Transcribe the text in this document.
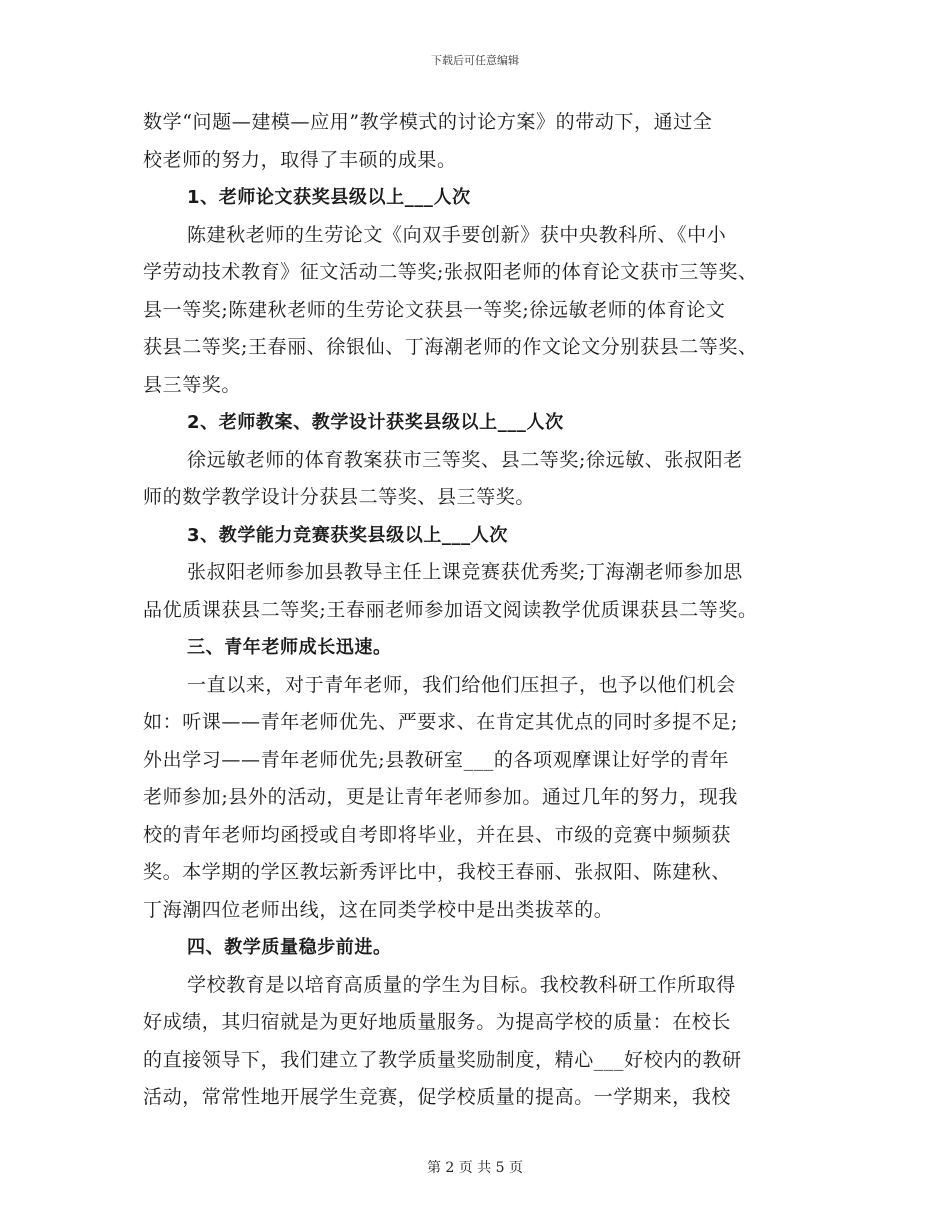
下载后可任意编辑
数学“问题—建模—应用”教学模式的讨论方案》的带动下，通过全
校老师的努力，取得了丰硕的成果。
1、老师论文获奖县级以上___人次
陈建秋老师的生劳论文《向双手要创新》获中央教科所、《中小
学劳动技术教育》征文活动二等奖;张叔阳老师的体育论文获市三等奖、
县一等奖;陈建秋老师的生劳论文获县一等奖;徐远敏老师的体育论文
获县二等奖;王春丽、徐银仙、丁海潮老师的作文论文分别获县二等奖、
县三等奖。
2、老师教案、教学设计获奖县级以上___人次
徐远敏老师的体育教案获市三等奖、县二等奖;徐远敏、张叔阳老
师的数学教学设计分获县二等奖、县三等奖。
3、教学能力竞赛获奖县级以上___人次
张叔阳老师参加县教导主任上课竞赛获优秀奖;丁海潮老师参加思
品优质课获县二等奖;王春丽老师参加语文阅读教学优质课获县二等奖。
三、青年老师成长迅速。
一直以来，对于青年老师，我们给他们压担子，也予以他们机会
如：听课——青年老师优先、严要求、在肯定其优点的同时多提不足;
外出学习——青年老师优先;县教研室___的各项观摩课让好学的青年
老师参加;县外的活动，更是让青年老师参加。通过几年的努力，现我
校的青年老师均函授或自考即将毕业，并在县、市级的竞赛中频频获
奖。本学期的学区教坛新秀评比中，我校王春丽、张叔阳、陈建秋、
丁海潮四位老师出线，这在同类学校中是出类拔萃的。
四、教学质量稳步前进。
学校教育是以培育高质量的学生为目标。我校教科研工作所取得
好成绩，其归宿就是为更好地质量服务。为提高学校的质量：在校长
的直接领导下，我们建立了教学质量奖励制度，精心___好校内的教研
活动，常常性地开展学生竞赛，促学校质量的提高。一学期来，我校
第 2 页 共 5 页
